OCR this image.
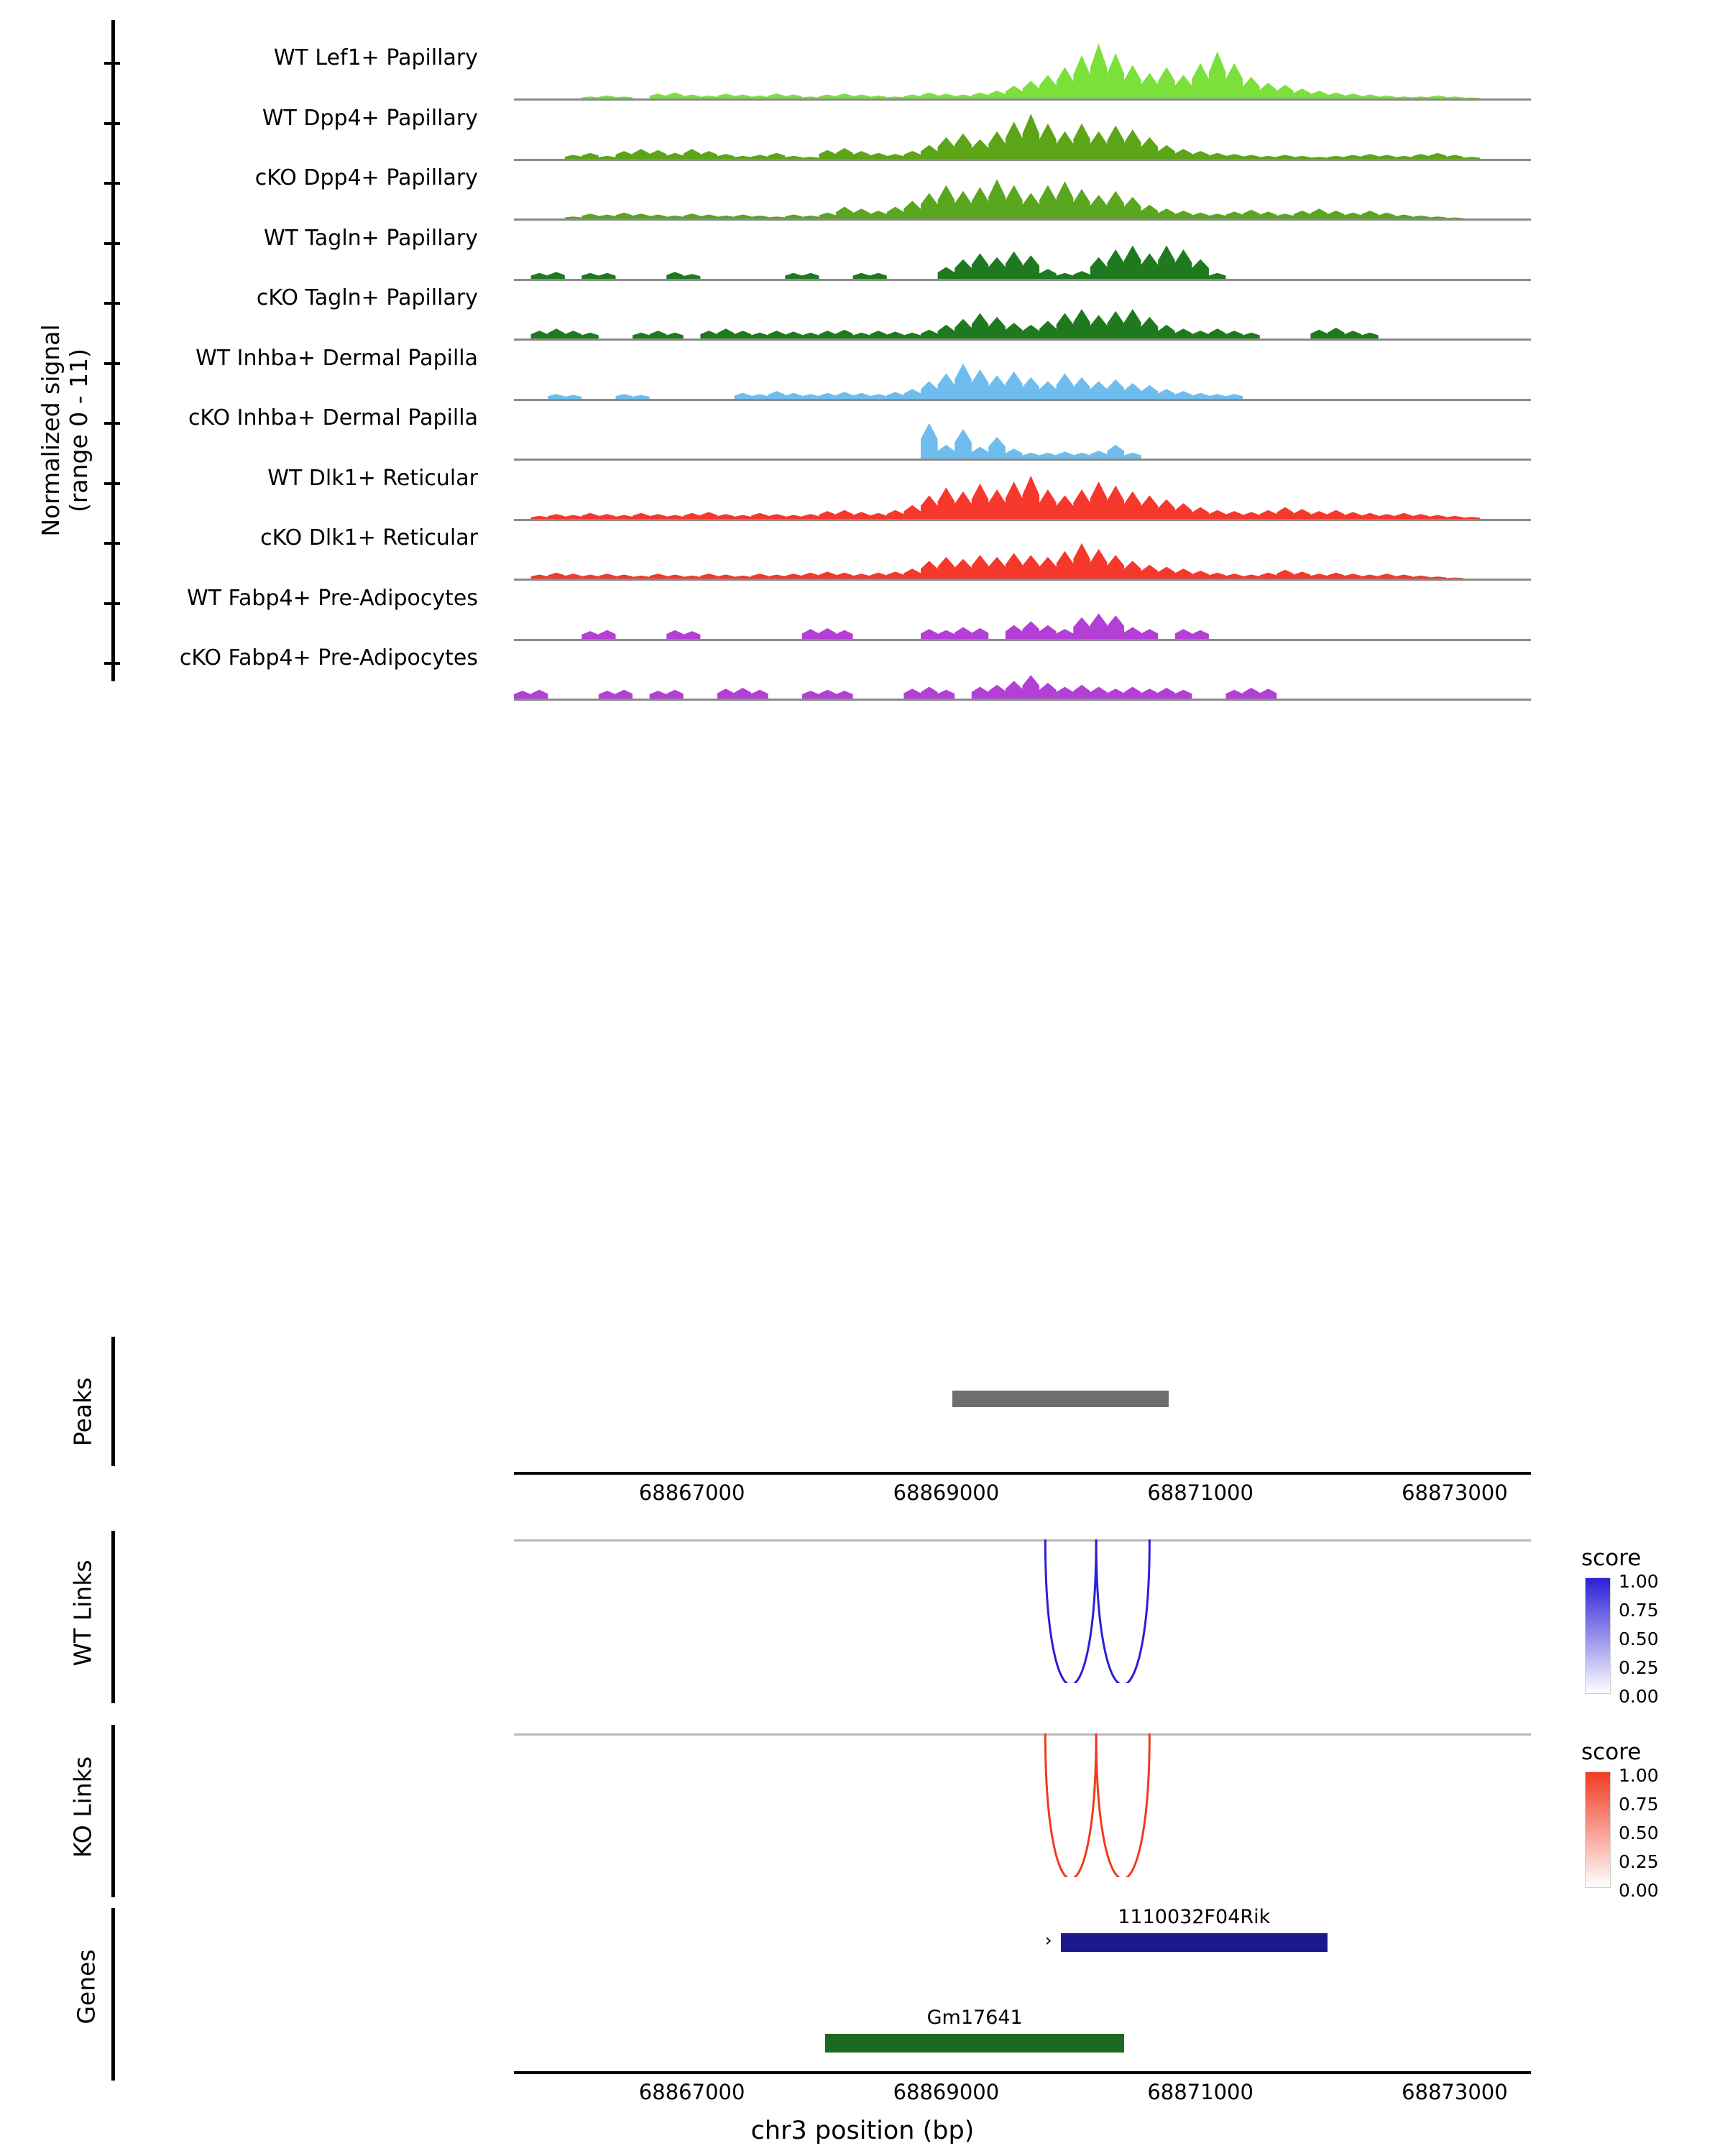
WT Lef1+ Papillary
WT Dpp4+ Papillary
cKO Dpp4+ Papillary
WT Tagln+ Papillary
cKO Tagln+ Papillary
WT Inhba+ Dermal Papilla
cKO Inhba+ Dermal Papilla
WT Dlk1+ Reticular
cKO Dlk1+ Reticular
WT Fabp4+ Pre-Adipocytes
cKO Fabp4+ Pre-Adipocytes
Normalized signal (range 0 - 11)
Peaks
68867000	68869000	68871000	68873000
WT Links
score
1.00
0.75
0.50
0.25
0.00
KO Links
score
1.00
0.75
0.50
0.25
0.00
Genes
1110032F04Rik
›
Gm17641
68867000	68869000	68871000	68873000
chr3 position (bp)
